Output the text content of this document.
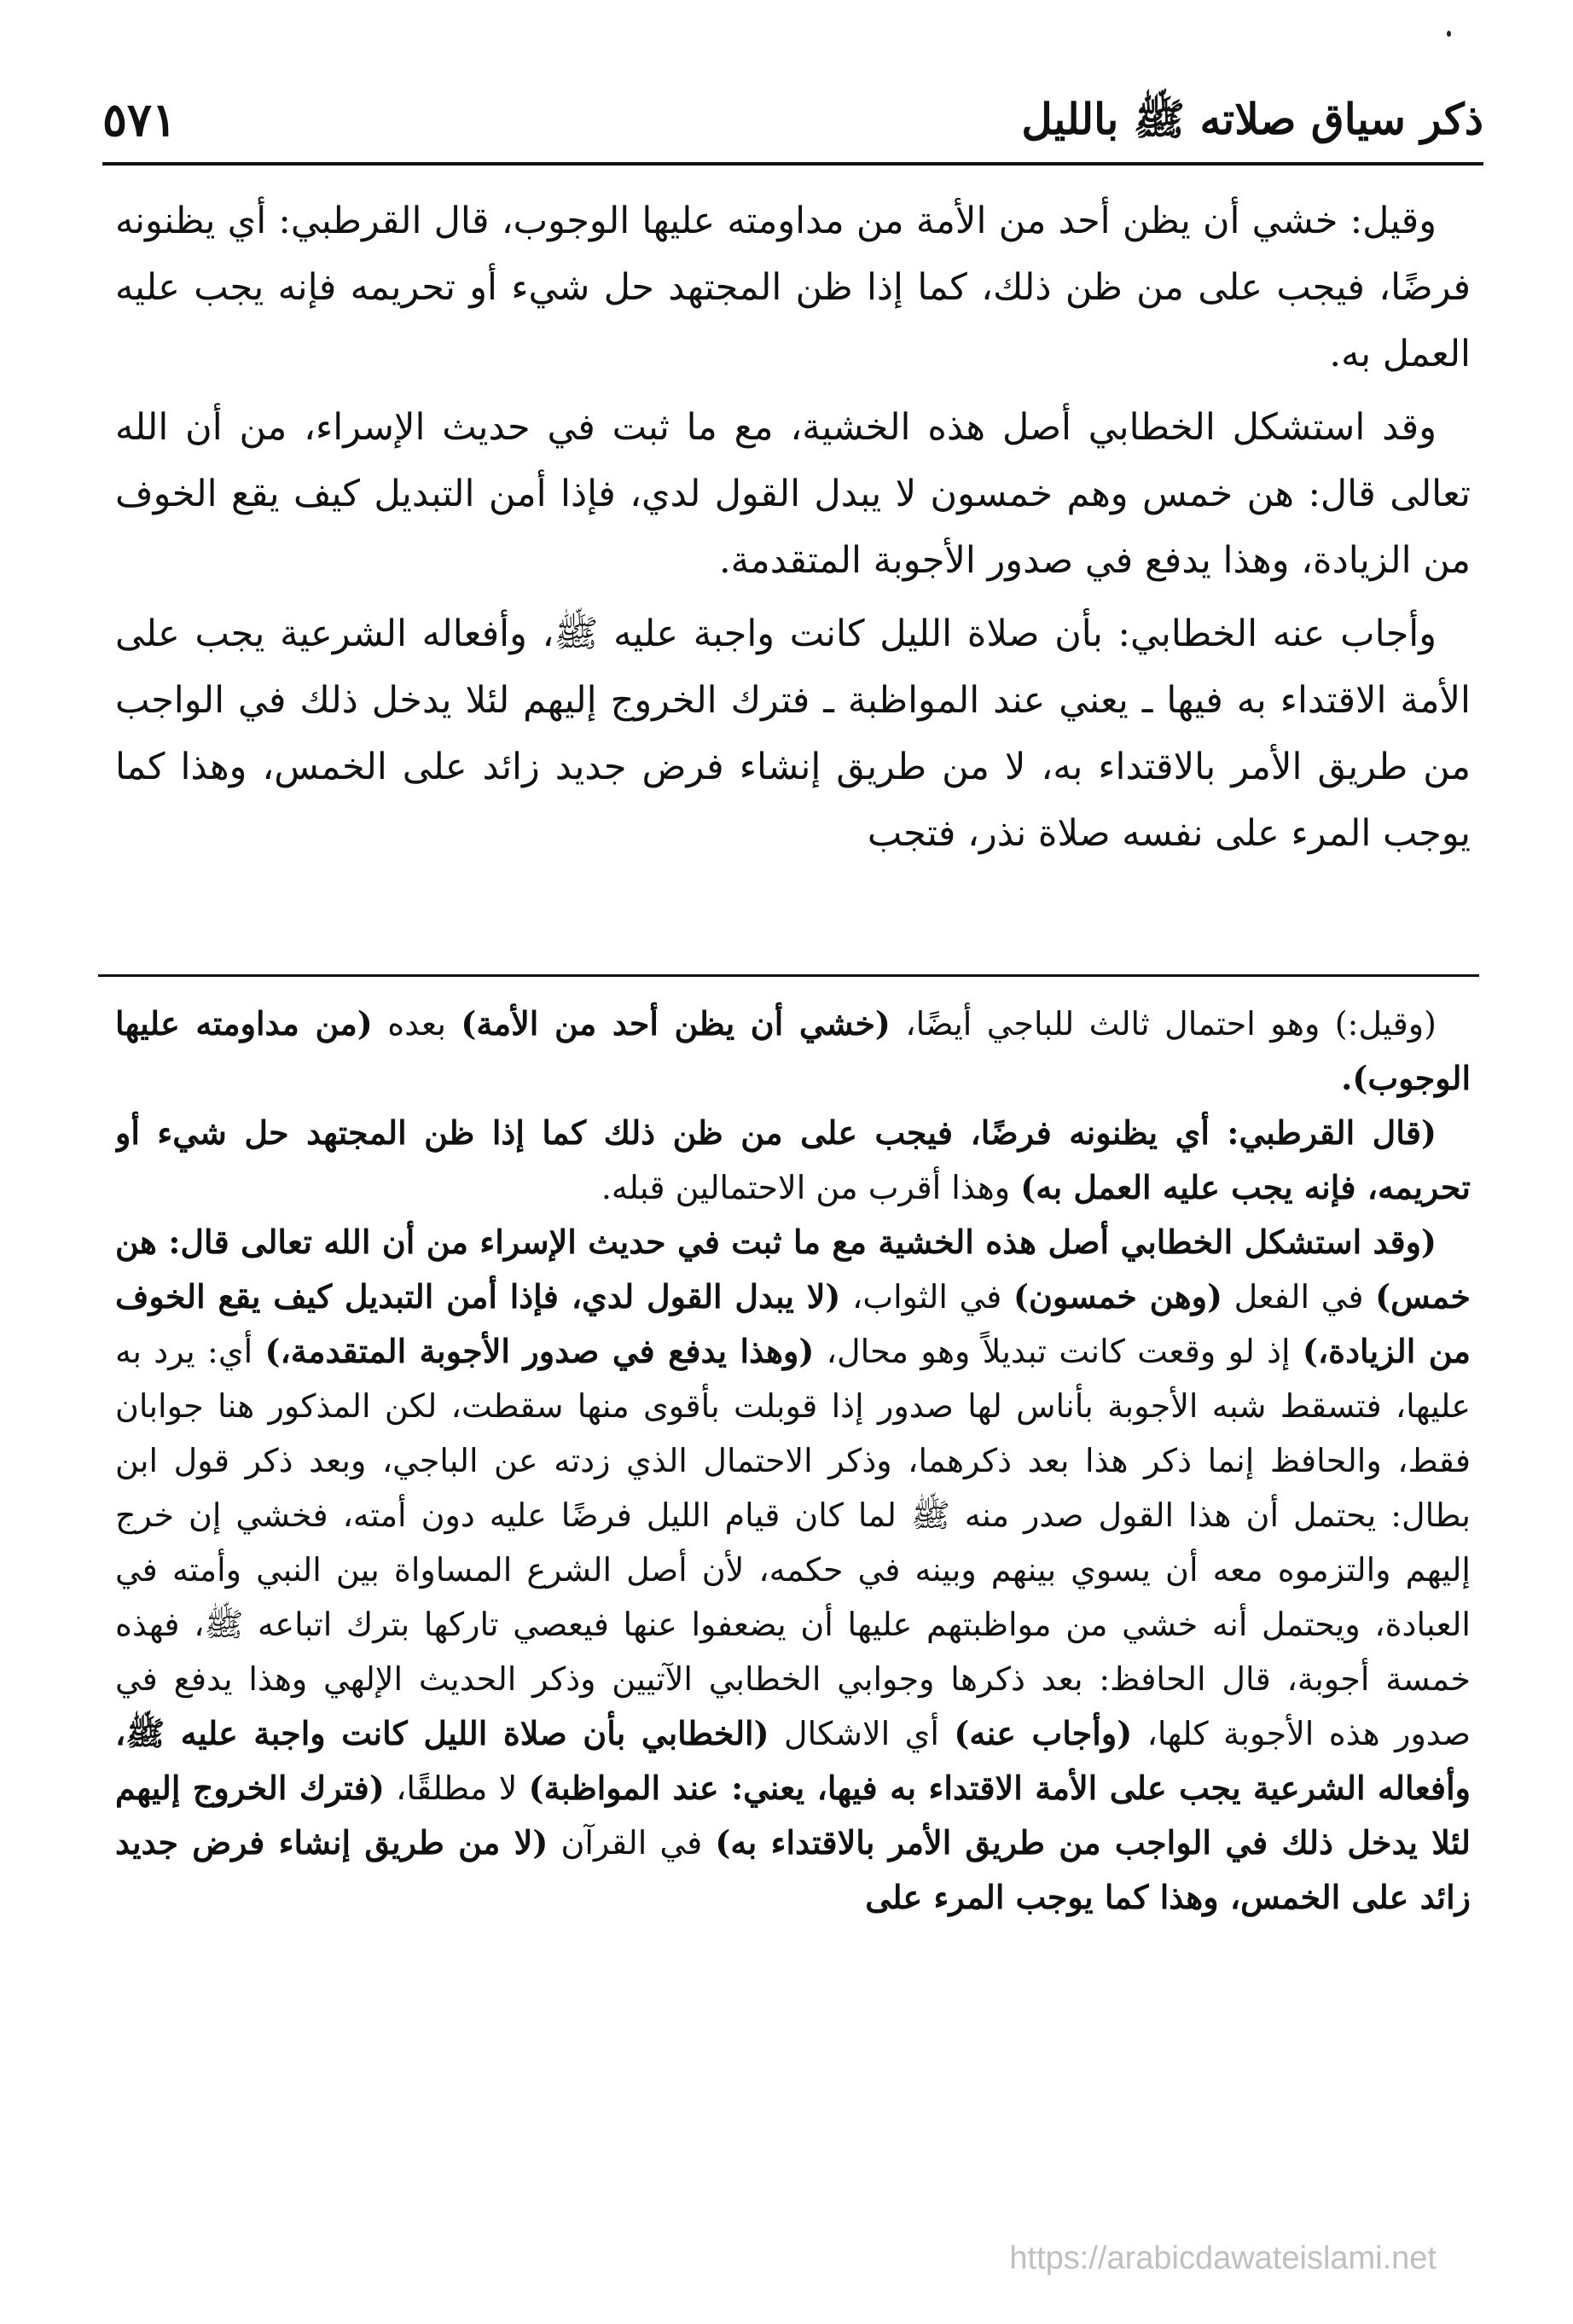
ذكر سياق صلاته ﷺ بالليل
٥٧١

وقيل: خشي أن يظن أحد من الأمة من مداومته عليها الوجوب، قال القرطبي: أي يظنونه فرضًا، فيجب على من ظن ذلك، كما إذا ظن المجتهد حل شيء أو تحريمه فإنه يجب عليه العمل به.

وقد استشكل الخطابي أصل هذه الخشية، مع ما ثبت في حديث الإسراء، من أن الله تعالى قال: هن خمس وهم خمسون لا يبدل القول لدي، فإذا أمن التبديل كيف يقع الخوف من الزيادة، وهذا يدفع في صدور الأجوبة المتقدمة.

وأجاب عنه الخطابي: بأن صلاة الليل كانت واجبة عليه ﷺ، وأفعاله الشرعية يجب على الأمة الاقتداء به فيها ـ يعني عند المواظبة ـ فترك الخروج إليهم لئلا يدخل ذلك في الواجب من طريق الأمر بالاقتداء به، لا من طريق إنشاء فرض جديد زائد على الخمس، وهذا كما يوجب المرء على نفسه صلاة نذر، فتجب

(وقيل:) وهو احتمال ثالث للباجي أيضًا، (خشي أن يظن أحد من الأمة) بعده (من مداومته عليها الوجوب).

(قال القرطبي: أي يظنونه فرضًا، فيجب على من ظن ذلك كما إذا ظن المجتهد حل شيء أو تحريمه، فإنه يجب عليه العمل به) وهذا أقرب من الاحتمالين قبله.

(وقد استشكل الخطابي أصل هذه الخشية مع ما ثبت في حديث الإسراء من أن الله تعالى قال: هن خمس) في الفعل (وهن خمسون) في الثواب، (لا يبدل القول لدي، فإذا أمن التبديل كيف يقع الخوف من الزيادة،) إذ لو وقعت كانت تبديلاً وهو محال، (وهذا يدفع في صدور الأجوبة المتقدمة،) أي: يرد به عليها، فتسقط شبه الأجوبة بأناس لها صدور إذا قوبلت بأقوى منها سقطت، لكن المذكور هنا جوابان فقط، والحافظ إنما ذكر هذا بعد ذكرهما، وذكر الاحتمال الذي زدته عن الباجي، وبعد ذكر قول ابن بطال: يحتمل أن هذا القول صدر منه ﷺ لما كان قيام الليل فرضًا عليه دون أمته، فخشي إن خرج إليهم والتزموه معه أن يسوي بينهم وبينه في حكمه، لأن أصل الشرع المساواة بين النبي وأمته في العبادة، ويحتمل أنه خشي من مواظبتهم عليها أن يضعفوا عنها فيعصي تاركها بترك اتباعه ﷺ، فهذه خمسة أجوبة، قال الحافظ: بعد ذكرها وجوابي الخطابي الآتيين وذكر الحديث الإلهي وهذا يدفع في صدور هذه الأجوبة كلها، (وأجاب عنه) أي الاشكال (الخطابي بأن صلاة الليل كانت واجبة عليه ﷺ، وأفعاله الشرعية يجب على الأمة الاقتداء به فيها، يعني: عند المواظبة) لا مطلقًا، (فترك الخروج إليهم لئلا يدخل ذلك في الواجب من طريق الأمر بالاقتداء به) في القرآن (لا من طريق إنشاء فرض جديد زائد على الخمس، وهذا كما يوجب المرء على

https://arabicdawateislami.net
